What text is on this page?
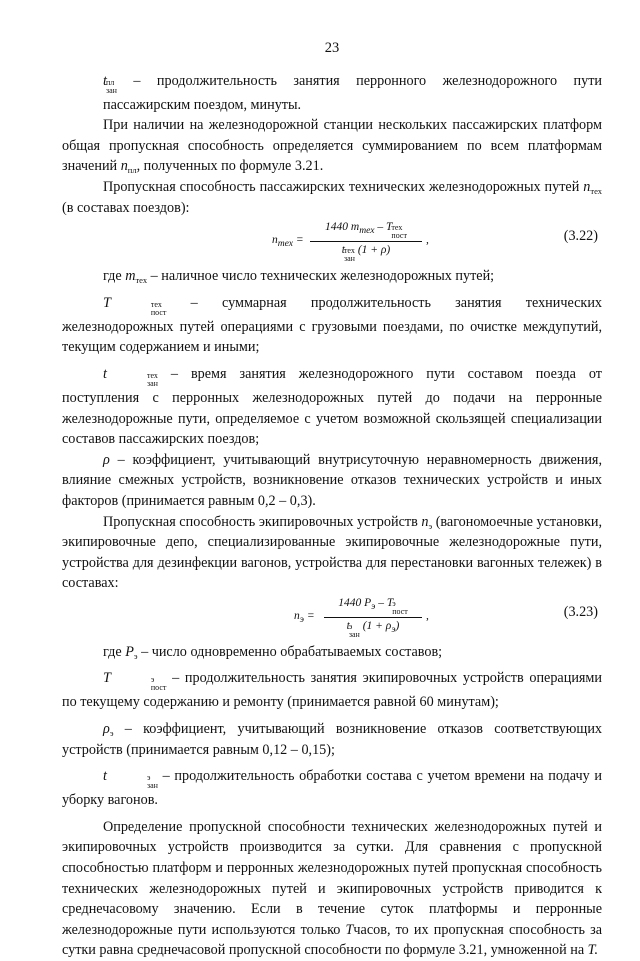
23

t пл
зан
– продолжительность занятия перронного железнодорожного пути пассажирским поездом, минуты.

При наличии на железнодорожной станции нескольких пассажирских платформ общая пропускная способность определяется суммированием по всем платформам значений $n_{пл}$, полученных по формуле 3.21.

Пропускная способность пассажирских технических железнодорожных путей $n_{тех}$ (в составах поездов):

$n_{тех}$ =
1440 $m_{тех}$ – T тех
пост
t тех
зан
(1 + ρ)
,	(3.22)

где $m_{тех}$ – наличное число технических железнодорожных путей;

T	тех
пост
– суммарная продолжительность занятия технических железнодорожных путей операциями с грузовыми поездами, по очистке междупутий, текущим содержанием и иными;

t	тех
зан
– время занятия железнодорожного пути составом поезда от поступления с перронных железнодорожных путей до подачи на перронные железнодорожные пути, определяемое с учетом возможной скользящей специализации составов пассажирских поездов;

ρ – коэффициент, учитывающий внутрисуточную неравномерность движения, влияние смежных устройств, возникновение отказов технических устройств и иных факторов (принимается равным 0,2 – 0,3).

Пропускная способность экипировочных устройств $n_э$ (вагономоечные установки, экипировочные депо, специализированные экипировочные железнодорожные пути, устройства для дезинфекции вагонов, устройства для перестановки вагонных тележек) в составах:

$n_э$ =
1440 $P_э$ – T э
пост
t э
зан
$(1 + \rho_э)$
,	(3.23)

где $P_э$ – число одновременно обрабатываемых составов;

T	э
пост
– продолжительность занятия экипировочных устройств операциями по текущему содержанию и ремонту (принимается равной 60 минутам);

$\rho_э$ – коэффициент, учитывающий возникновение отказов соответствующих устройств (принимается равным 0,12 – 0,15);

t	э
зан
– продолжительность обработки состава с учетом времени на подачу и уборку вагонов.

Определение пропускной способности технических железнодорожных путей и экипировочных устройств производится за сутки. Для сравнения с пропускной способностью платформ и перронных железнодорожных путей пропускная способность технических железнодорожных путей и экипировочных устройств приводится к среднечасовому значению. Если в течение суток платформы и перронные железнодорожные пути используются только Tчасов, то их пропускная способность за сутки равна среднечасовой пропускной способности по формуле 3.21, умноженной на T.
